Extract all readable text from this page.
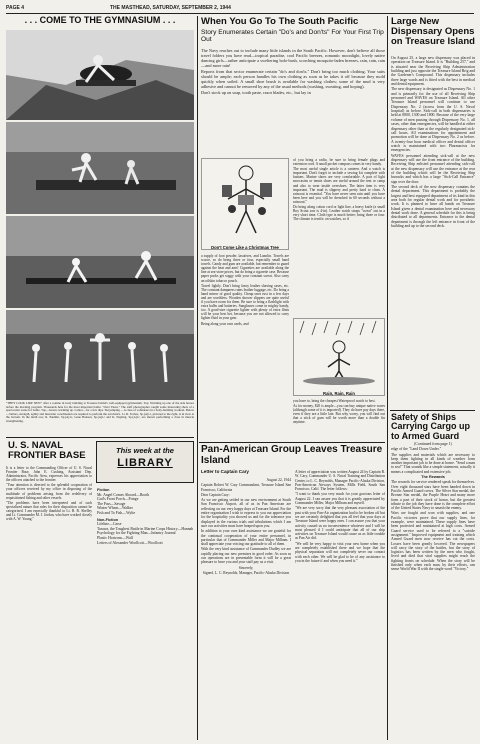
PAGE 4	THE MASTHEAD, SATURDAY, SEPTEMBER 2, 1944
. . . COME TO THE GYMNASIUM . . .
"THEY LOOK LIKE NEW" after a routine in body building at Treasure Island's well-equipped gymnasium. Top: Warming up one of the side horses before the morning program. Thousands here for the most important battle: "Over There." The staff photographer caught some interesting shots of a spectacular scene for battle. Top—boxers warming up. Center—for a few dips. Ski jumping ... A class of volunteers in a body-building workout. Below—Sailors, strength, agility and muscular coordination are required to perform the acrobatics. Lt. R. Forbes, Sp.(A)1c, pictured to the right, is in view at the bottom. In the ninth row, R. Paulkin, Sp.(A)1c, Gene Hanson, Sp.(A)1c and K. Nepting, Sp.(A)1c, are shown performing a class in muscle strengthening.
U. S. NAVAL FRONTIER BASE

It is a letter to the Commanding Officer of U. S. Naval Frontier Base, John E. Cushing, Assistant Dep. Administrator, Pacific Area, expresses his appreciation to the officers attached to the frontier.

"Your attention is directed to the splendid cooperation of your officers received by my office in disposing of the multitude of problems arising from the redelivery of requisitioned fishing and other vessels.

"The problems have been interpreted and of such specialized nature that rules for their disposition cannot be categorized. I am especially thankful to Lt. R. B. Shelley and Lt. Commander M. J. Jordan, who have worked closely with A. W. Young."

This week at the
LIBRARY
Fiction
Mr. Angel Comes Aboard—Booth
God's Front Porch—Fringe
The Pass—Savage
Winter Wheat—Walker
Fish and To Fish—Wylie
Non-Fiction
Lifeline—Carse
Tarawa, the Toughest Battle in Marine Corps History—Hannah
Psychology for the Fighting Man—Infantry Journal
Plastic Horizons—Wall
Letters of Alexander Woollcott—Woollcott
When You Go To The South Pacific
Story Enumerates Certain "Do's and Don'ts" For Your First Trip Out

The Navy reaches out to include many little islands in the South Pacific. However, don't believe all those travel folders you have read—tropical paradise, cool Pacific breezes, romantic moonlight, lovely native dancing girls—rather anticipate a sweltering bolo-bush, scorching mosquito-laden breezes, rain, rain, rain—and more rain!

Reports from that sector enumerate certain "do's and don'ts." Don't bring too much clothing. Your suits should be ample; each person handles his own clothing as soon as he takes it off because they mold quickly when soiled. A small shoe brush is available for washing clothes; some of the mud is very adhesive and cannot be removed by any of the usual methods (washing, sweating, and hoping).

Don't stock up on soap, tooth paste, razor blades, etc., but lay in

Don't Come Like a Christmas Tree

a supply of foot powder, laxatives, and Lanolin. Towels are scarce, so do bring three or four, especially small hand towels. Candy and gum are available, but remember to guard against the heat and ants! Cigarettes are available along the line at sea-store prices, but do bring a cigarette case. Because paper packs get soggy with your constant sweat. Also carry an oilskin tobacco pouch.

Travel lightly. Don't bring fancy leather shaving cases, etc. The constant dampness ruins leather luggage, etc. Do bring a hand mirror of good quality. Cheap ones rust in a few days and are worthless. Wooden shower slippers are quite useful if you have room for them. Be sure to bring a flashlight with extra bulbs and batteries. Sunglasses come in mighty handy, too. A good-size cigarette lighter with plenty of extra flints will be your best bet, because you are not allowed to carry lighter fluid in your gear.

Being along your own cards, and

of you bring a radio, be sure to bring female plugs and extension cord. A small pocket compass comes in very handy.

The most useful single article is a canteen. And a watch is important. Don't forget to include a sewing kit complete with buttons. Marine shoes are very comfortable. A pair of light moccasins or tennis shoes are useful around the tent or camp and also to wear inside overshoes. The latter item is very important. The mud is slippery and pretty hard to clean. A raincoat is essential. "You have never seen rain until you have been here and you will be drenched in 60 seconds without a raincoat."

Do bring along cotton cord or light line, a heavy knife (a small Boy Scout saw is 4-in). Leather watch straps "sweat" out in a very short time. Cloth type is much better; bring three or four. The climate is terrific on watches, so if

Rain, Rain, Rain

you have to, bring the cheapest Waterproof watch to best.

As for money, $20 is ample—you can buy unique native wares (although some of it is imported). They do have pay days there, even if they are a little late. But why worry, you will find out that a stick of gum will be worth more than a double fin anytime.

Pan-American Group Leaves Treasure Island
Letter to Captain Cary

August 22, 1944

Captain Robert W. Cary Commandant, Treasure Island San Francisco, California

Dear Captain Cary:

As we are getting settled in our new environment at South San Francisco Airport, all of us in Pan American are reflecting on our very happy days at Treasure Island. For the entire organization I wish to express to you our appreciation for the hospitality you showed us and for the tolerance you displayed in the various trials and tribulations which I am sure our activities must have heaped upon you.

In addition to your own kind assistance we are grateful for the continual cooperation of your entire personnel, in particular that of Commander Miller and Major Milham. I shall appreciate your voicing our gratitude to all of them.

With the very kind assistance of Commander Dudley we are rapidly placing our new premises in good order. As soon as our operations are in presentable form it will be a great pleasure to have you and your staff pay us a visit.

Sincerely,

Signed, L. C. Reynolds, Manager, Pacific-Alaska Division

A letter of appreciation was written August 24 by Captain R. W. Cary, Commander U. S. Naval Training and Distribution Center, to L. C. Reynolds, Manager Pacific-Alaska Division, Pan-American Airways System, Mills Field, South San Francisco, Calif. The letter follows:

"I want to thank you very much for your gracious letter of August 22. I can assure you that it is greatly appreciated by Commander Miller, Major Milham and myself.

"We are very sorry that the very pleasant association of the past with your Pan-Air organization had to be broken off but we are certainly delighted that you all feel that your days at Treasure Island were happy ones. I can assure you that your activity caused us no inconvenience whatever and I will be most pleased if I could anticipate that all of our ship activities on Treasure Island would cause us as little trouble as Pan Air did.

"We will be very happy to visit your new home when you are completely established there and we hope that the physical separation will not completely sever our contact with each other. We will be glad to be of any assistance to you in the future if and when you need it."

Large New Dispensary Opens on Treasure Island

On August 25, a large new dispensary was placed in operation on Treasure Island. It is "Building 257," and is situated near the Receiving Ship Administration building and just opposite the Treasure Island Brig and the Gardener's Compound. This dispensary includes three large wards and is fitted with the best in medical and dental equipment.

The new dispensary is designated as Dispensary No. 1 and is primarily for the use of all Receiving Ship personnel and WAVES on Treasure Island. All other Treasure Island personnel will continue to use Dispensary No. 2 (across from the U. S. Naval hospital) as before. Sick-call in both dispensaries is held at 0800, 1300 and 1800. Because of the very large volume of men passing through Dispensary No. 1, all cases, other than emergencies, will be handled at either dispensary other than at the regularly designated sick-call hours. All examinations for appointment and promotion will be done at Dispensary No. 2 as before. A twenty-four hour medical officer and dental officer watch is maintained with two Pharmacists for emergencies.

WAVES personnel attending sick-call at the new dispensary will use the front entrance of the building. Receiving Ship enlisted personnel attending sick-call at the new dispensary will use the entrance at the rear of the building which will be the Receiving Ship barracks and which has a large "Sick-Call Entrance" sign over the door.

The second deck of the new dispensary contains the dental department. This department is probably the largest and best equipped department of its kind in this area both for regular dental work and for prosthetic work. It is planned to have all hands on Treasure Island given a dental examination here and necessary dental work done. A general schedule for this is being distributed to all departments. Entrance to the dental department is through the left entrance in front of the building and up to the second deck.

Safety of Ships Carrying Cargo up to Armed Guard

(Continued from page 1)

edge of the "Land Down Under."

The supplies and materials which are necessary to keep them fighting in all kinds of weather form another important job to be done at home. "Send a man to sea!" That sounds like a simple statement, actually it means a complicated and extensive job.

The Rewards

The rewards for service rendered speak for themselves. Over eight thousand stars have been handed down in Pacific Armed Guard crews. The Silver Star medal, the Bronze Star medal, the Purple Heart and many more form a part of their stock of honor, but the greatest tribute to the job they have done is the complete effort of the United States Navy to smash the enemy.

Wars are fought and won with supplies, and one Pacific victories prove that our supply lines, for example, were maintained. These supply lines have been protected and maintained at high costs. Armed Guard service used to be referred to a "suicide assignment." Improved equipment and training which Armed Guard men now receive has cut the costs. Losses have been greatly lowered. The newspapers will carry the story of the battles, but the story of logistics has been written by the men who fought, lived and died that vital supplies might reach the fighting fronts on schedule. When the story will be finished only when each man, by their efforts, can sense World War II with the single word "Victory."
